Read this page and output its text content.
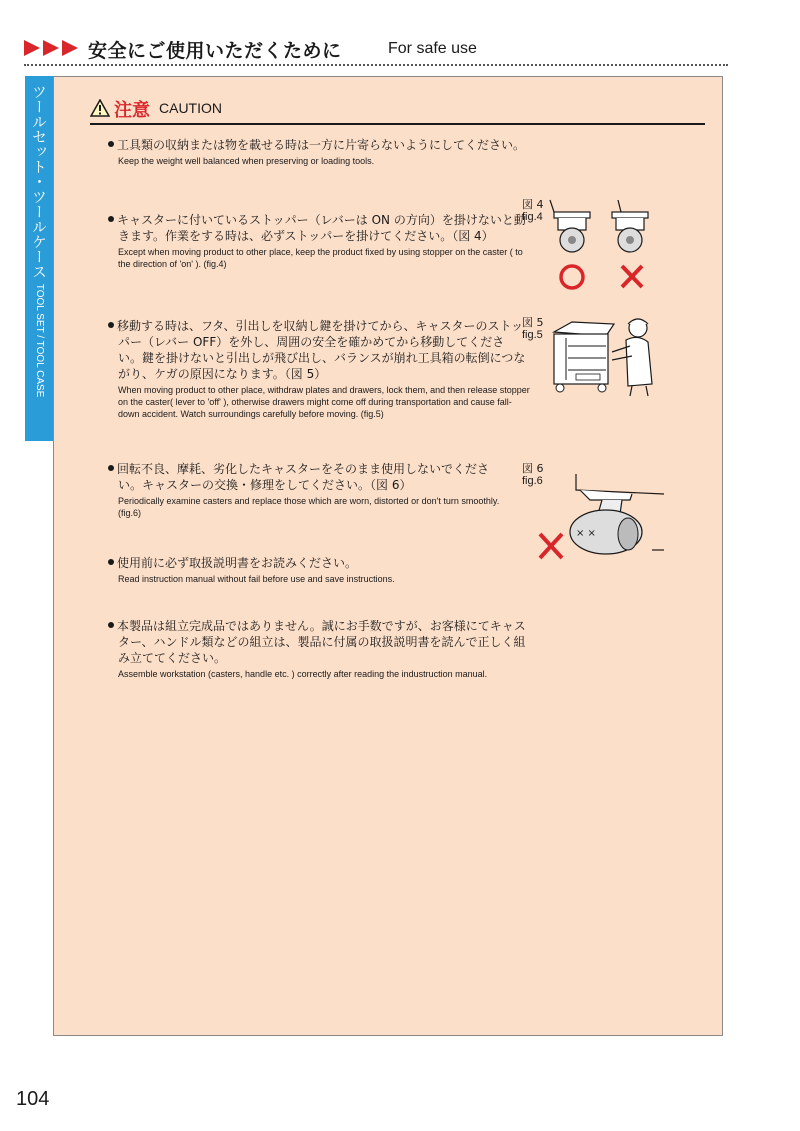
安全にご使用いただくために	For safe use
ツールセット・ツールケース TOOL SET / TOOL CASE
注意 CAUTION
工具類の収納または物を載せる時は一方に片寄らないようにしてください。
Keep the weight well balanced when preserving or loading tools.
キャスターに付いているストッパー（レバーは ON の方向）を掛けないと動きます。作業をする時は、必ずストッパーを掛けてください。（図 4）
Except when moving product to other place, keep the product fixed by using stopper on the caster ( to the direction of 'on' ). (fig.4)
移動する時は、フタ、引出しを収納し鍵を掛けてから、キャスターのストッパー（レバー OFF）を外し、周囲の安全を確かめてから移動してください。鍵を掛けないと引出しが飛び出し、バランスが崩れ工具箱の転倒につながり、ケガの原因になります。（図 5）
When moving product to other place, withdraw plates and drawers, lock them, and then release stopper on the caster( lever to 'off' ), otherwise drawers might come off during transportation and cause fall-down accident. Watch surroundings carefully before moving. (fig.5)
回転不良、摩耗、劣化したキャスターをそのまま使用しないでください。キャスターの交換・修理をしてください。（図 6）
Periodically examine casters and replace those which are worn, distorted or don't turn smoothly. (fig.6)
使用前に必ず取扱説明書をお読みください。
Read instruction manual without fail before use and save instructions.
本製品は組立完成品ではありません。誠にお手数ですが、お客様にてキャスター、ハンドル類などの組立は、製品に付属の取扱説明書を読んで正しく組み立ててください。
Assemble workstation (casters, handle etc. ) correctly after reading the industruction manual.
図 4
fig.4
図 5
fig.5
図 6
fig.6
× ×
104
